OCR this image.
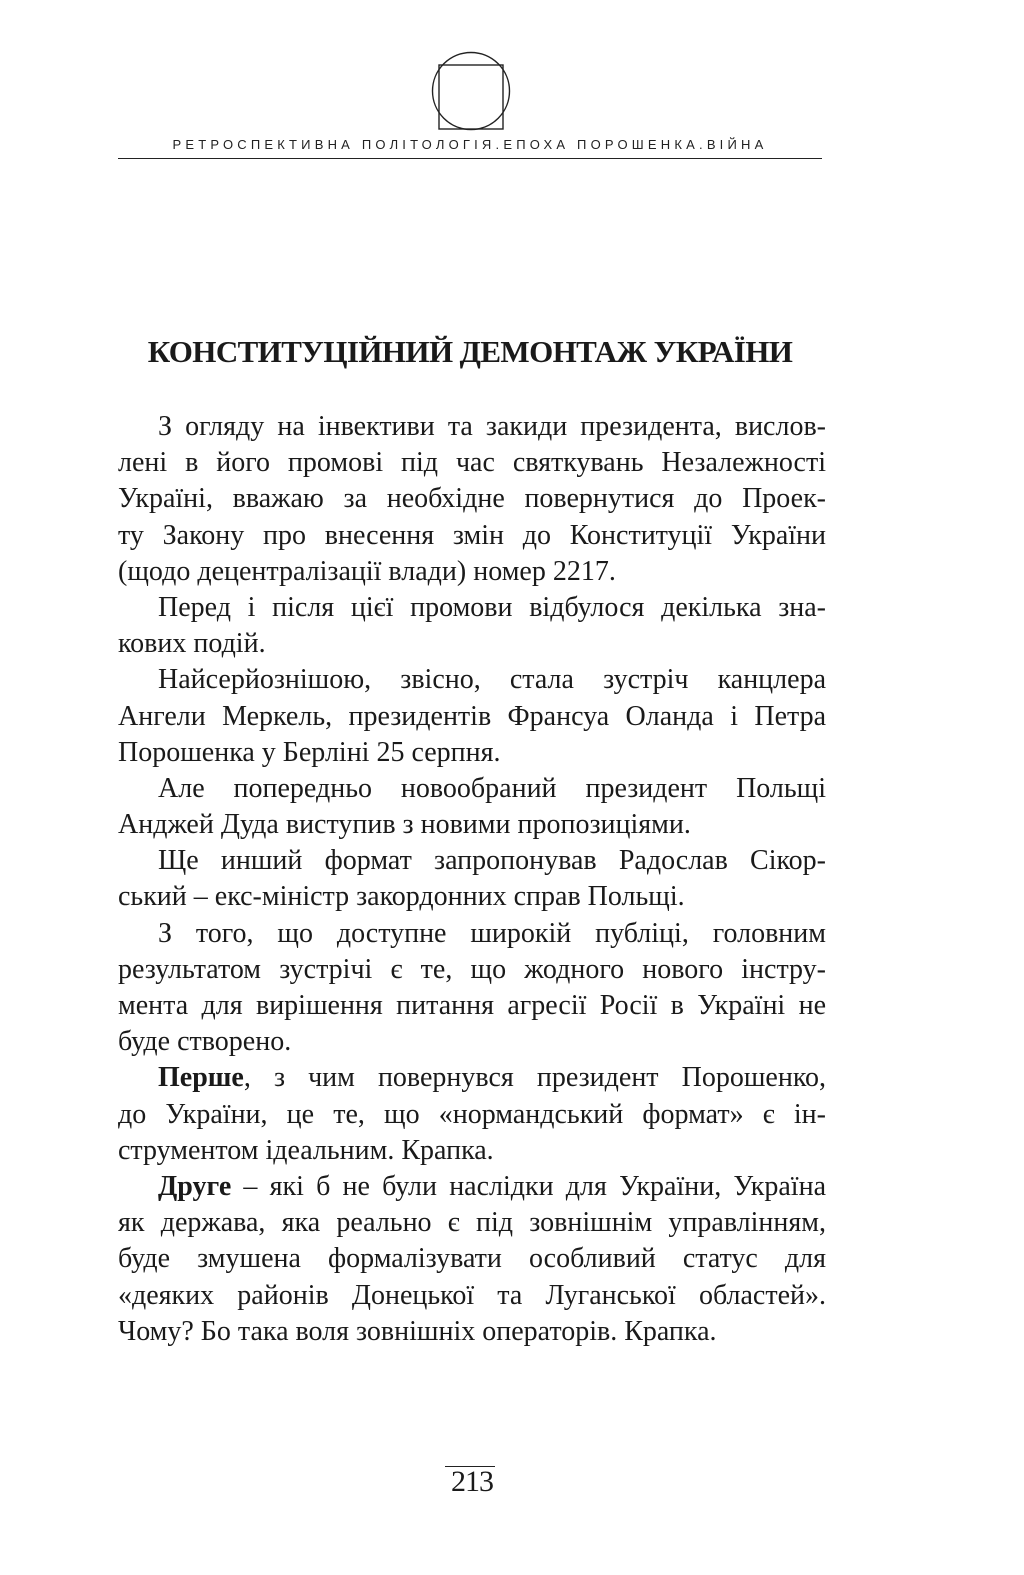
РЕТРОСПЕКТИВНА ПОЛІТОЛОГІЯ.ЕПОХА ПОРОШЕНКА.ВІЙНА
КОНСТИТУЦІЙНИЙ ДЕМОНТАЖ УКРАЇНИ
З огляду на інвективи та закиди президента, вислов-
лені в його промові під час святкувань Незалежності
Україні, вважаю за необхідне повернутися до Проек-
ту Закону про внесення змін до Конституції України
(щодо децентралізації влади) номер 2217.
Перед і після цієї промови відбулося декілька зна-
кових подій.
Найсерйознішою, звісно, стала зустріч канцлера
Ангели Меркель, президентів Франсуа Оланда і Петра
Порошенка у Берліні 25 серпня.
Але попередньо новообраний президент Польщі
Анджей Дуда виступив з новими пропозиціями.
Ще инший формат запропонував Радослав Сікор-
ський – екс-міністр закордонних справ Польщі.
З того, що доступне широкій публіці, головним
результатом зустрічі є те, що жодного нового інстру-
мента для вирішення питання агресії Росії в Україні не
буде створено.
Перше, з чим повернувся президент Порошенко,
до України, це те, що «нормандський формат» є ін-
струментом ідеальним. Крапка.
Друге – які б не були наслідки для України, Україна
як держава, яка реально є під зовнішнім управлінням,
буде змушена формалізувати особливий статус для
«деяких районів Донецької та Луганської областей».
Чому? Бо така воля зовнішніх операторів. Крапка.
213
